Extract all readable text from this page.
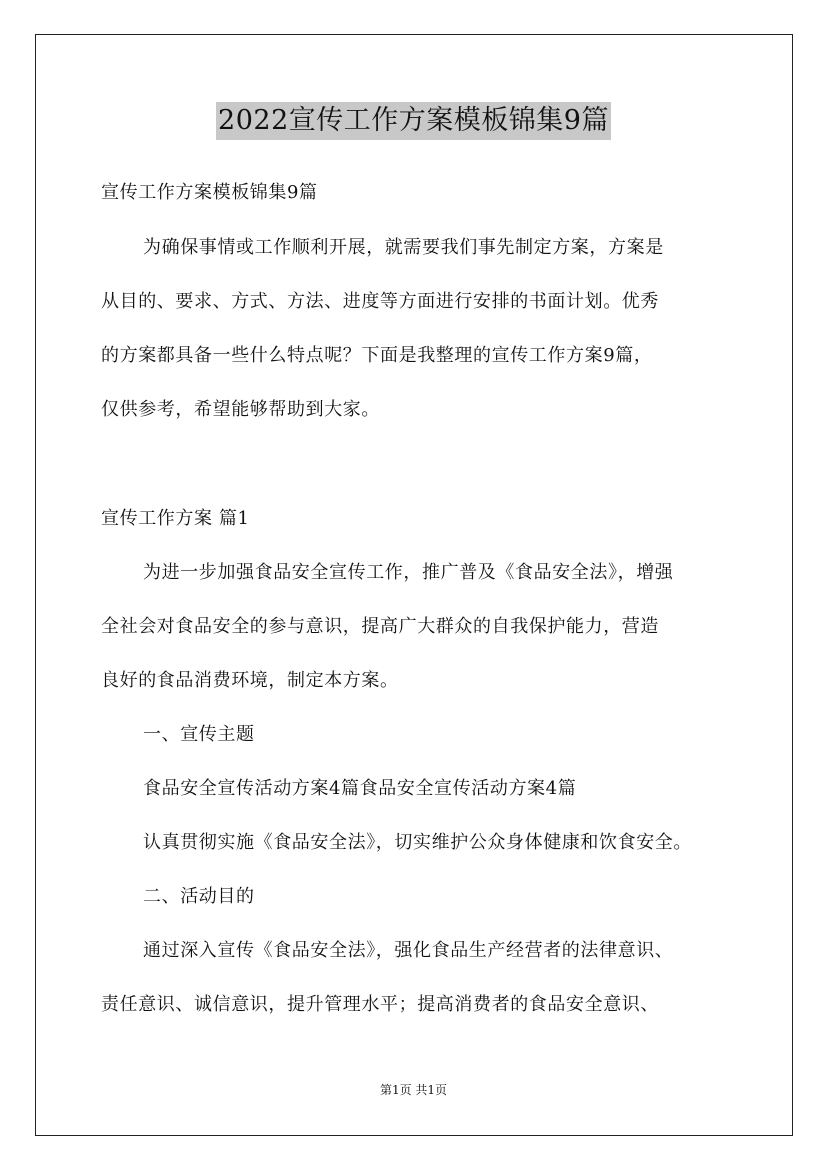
2022宣传工作方案模板锦集9篇
宣传工作方案模板锦集9篇
为确保事情或工作顺利开展，就需要我们事先制定方案，方案是
从目的、要求、方式、方法、进度等方面进行安排的书面计划。优秀
的方案都具备一些什么特点呢？下面是我整理的宣传工作方案9篇，
仅供参考，希望能够帮助到大家。
宣传工作方案 篇1
为进一步加强食品安全宣传工作，推广普及《食品安全法》，增强
全社会对食品安全的参与意识，提高广大群众的自我保护能力，营造
良好的食品消费环境，制定本方案。
一、宣传主题
食品安全宣传活动方案4篇食品安全宣传活动方案4篇
认真贯彻实施《食品安全法》，切实维护公众身体健康和饮食安全。
二、活动目的
通过深入宣传《食品安全法》，强化食品生产经营者的法律意识、
责任意识、诚信意识，提升管理水平；提高消费者的食品安全意识、
第1页 共1页
